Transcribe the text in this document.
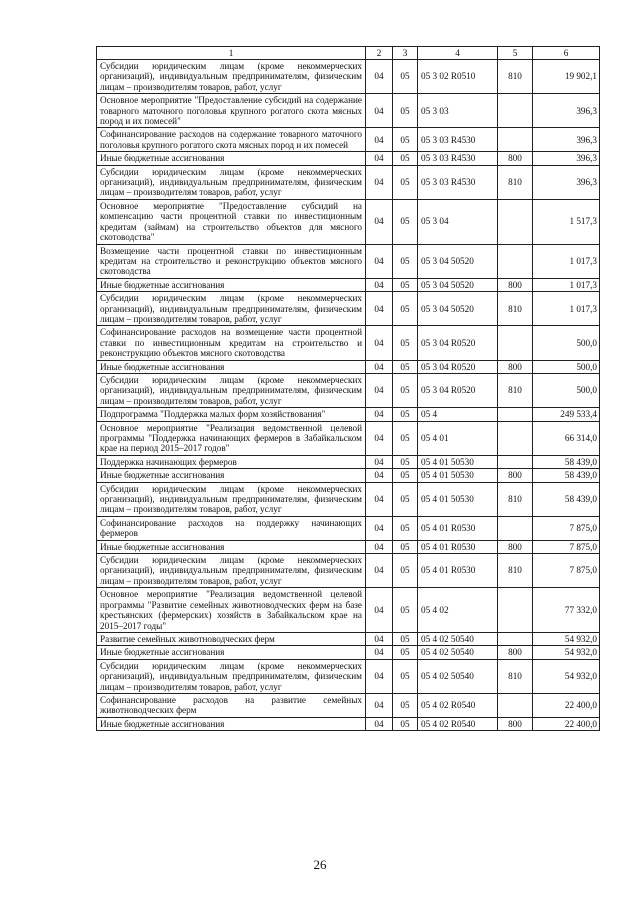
1	2	3	4	5	6
Субсидии юридическим лицам (кроме некоммерческих организаций), индивидуальным предпринимателям, физическим лицам – производителям товаров, работ, услуг	04	05	05 3 02 R0510	810	19 902,1
Основное мероприятие "Предоставление субсидий на содержание товарного маточного поголовья крупного рогатого скота мясных пород и их помесей"	04	05	05 3 03		396,3
Софинансирование расходов на содержание товарного маточного поголовья крупного рогатого скота мясных пород и их помесей	04	05	05 3 03 R4530		396,3
Иные бюджетные ассигнования	04	05	05 3 03 R4530	800	396,3
Субсидии юридическим лицам (кроме некоммерческих организаций), индивидуальным предпринимателям, физическим лицам – производителям товаров, работ, услуг	04	05	05 3 03 R4530	810	396,3
Основное мероприятие "Предоставление субсидий на компенсацию части процентной ставки по инвестиционным кредитам (займам) на строительство объектов для мясного скотоводства"	04	05	05 3 04		1 517,3
Возмещение части процентной ставки по инвестиционным кредитам на строительство и реконструкцию объектов мясного скотоводства	04	05	05 3 04 50520		1 017,3
Иные бюджетные ассигнования	04	05	05 3 04 50520	800	1 017,3
Субсидии юридическим лицам (кроме некоммерческих организаций), индивидуальным предпринимателям, физическим лицам – производителям товаров, работ, услуг	04	05	05 3 04 50520	810	1 017,3
Софинансирование расходов на возмещение части процентной ставки по инвестиционным кредитам на строительство и реконструкцию объектов мясного скотоводства	04	05	05 3 04 R0520		500,0
Иные бюджетные ассигнования	04	05	05 3 04 R0520	800	500,0
Субсидии юридическим лицам (кроме некоммерческих организаций), индивидуальным предпринимателям, физическим лицам – производителям товаров, работ, услуг	04	05	05 3 04 R0520	810	500,0
Подпрограмма "Поддержка малых форм хозяйствования"	04	05	05 4		249 533,4
Основное мероприятие "Реализация ведомственной целевой программы "Поддержка начинающих фермеров в Забайкальском крае на период 2015–2017 годов"	04	05	05 4 01		66 314,0
Поддержка начинающих фермеров	04	05	05 4 01 50530		58 439,0
Иные бюджетные ассигнования	04	05	05 4 01 50530	800	58 439,0
Субсидии юридическим лицам (кроме некоммерческих организаций), индивидуальным предпринимателям, физическим лицам – производителям товаров, работ, услуг	04	05	05 4 01 50530	810	58 439,0
Софинансирование расходов на поддержку начинающих фермеров	04	05	05 4 01 R0530		7 875,0
Иные бюджетные ассигнования	04	05	05 4 01 R0530	800	7 875,0
Субсидии юридическим лицам (кроме некоммерческих организаций), индивидуальным предпринимателям, физическим лицам – производителям товаров, работ, услуг	04	05	05 4 01 R0530	810	7 875,0
Основное мероприятие "Реализация ведомственной целевой программы "Развитие семейных животноводческих ферм на базе крестьянских (фермерских) хозяйств в Забайкальском крае на 2015–2017 годы"	04	05	05 4 02		77 332,0
Развитие семейных животноводческих ферм	04	05	05 4 02 50540		54 932,0
Иные бюджетные ассигнования	04	05	05 4 02 50540	800	54 932,0
Субсидии юридическим лицам (кроме некоммерческих организаций), индивидуальным предпринимателям, физическим лицам – производителям товаров, работ, услуг	04	05	05 4 02 50540	810	54 932,0
Софинансирование расходов на развитие семейных животноводческих ферм	04	05	05 4 02 R0540		22 400,0
Иные бюджетные ассигнования	04	05	05 4 02 R0540	800	22 400,0
26
